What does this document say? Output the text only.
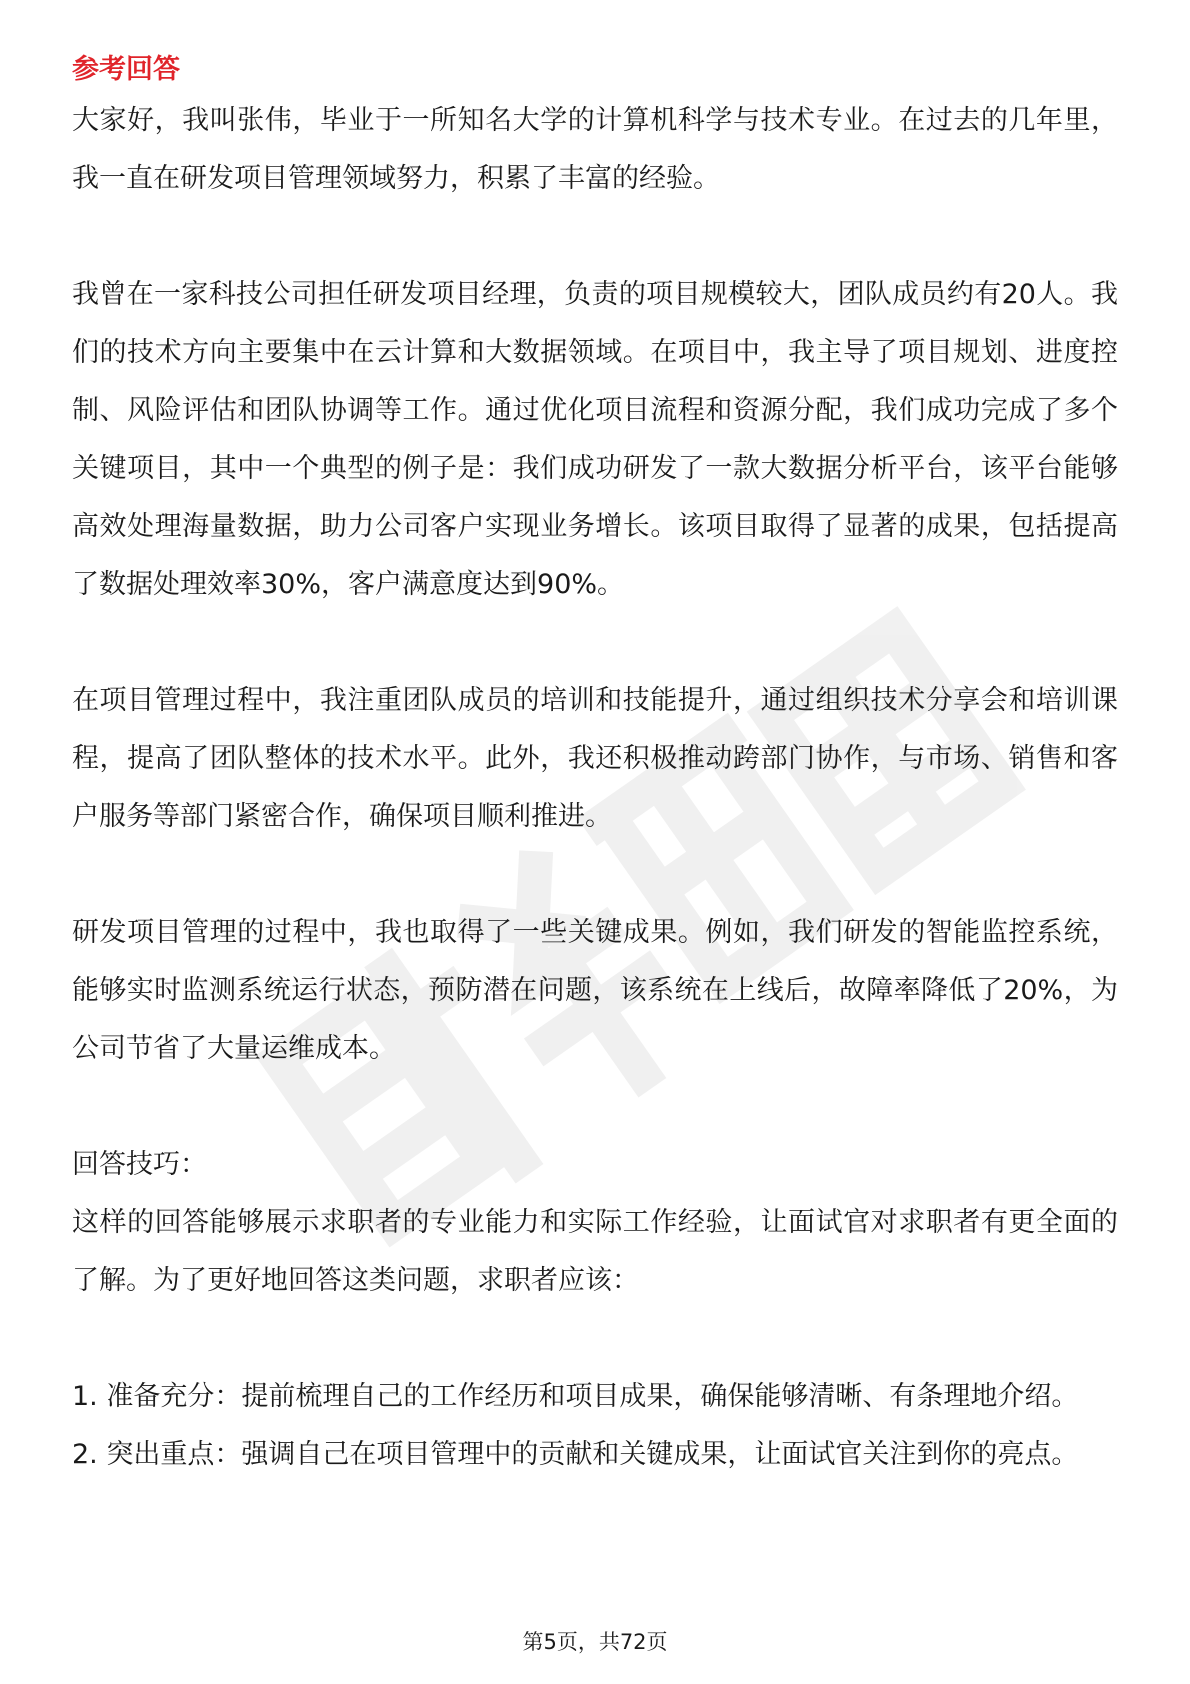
参考回答

大家好，我叫张伟，毕业于一所知名大学的计算机科学与技术专业。在过去的几年里，我一直在研发项目管理领域努力，积累了丰富的经验。

我曾在一家科技公司担任研发项目经理，负责的项目规模较大，团队成员约有20人。我们的技术方向主要集中在云计算和大数据领域。在项目中，我主导了项目规划、进度控制、风险评估和团队协调等工作。通过优化项目流程和资源分配，我们成功完成了多个关键项目，其中一个典型的例子是：我们成功研发了一款大数据分析平台，该平台能够高效处理海量数据，助力公司客户实现业务增长。该项目取得了显著的成果，包括提高了数据处理效率30%，客户满意度达到90%。

在项目管理过程中，我注重团队成员的培训和技能提升，通过组织技术分享会和培训课程，提高了团队整体的技术水平。此外，我还积极推动跨部门协作，与市场、销售和客户服务等部门紧密合作，确保项目顺利推进。

研发项目管理的过程中，我也取得了一些关键成果。例如，我们研发的智能监控系统，能够实时监测系统运行状态，预防潜在问题，该系统在上线后，故障率降低了20%，为公司节省了大量运维成本。

回答技巧：

这样的回答能够展示求职者的专业能力和实际工作经验，让面试官对求职者有更全面的了解。为了更好地回答这类问题，求职者应该：

1. 准备充分：提前梳理自己的工作经历和项目成果，确保能够清晰、有条理地介绍。

2. 突出重点：强调自己在项目管理中的贡献和关键成果，让面试官关注到你的亮点。

第5页，共72页
